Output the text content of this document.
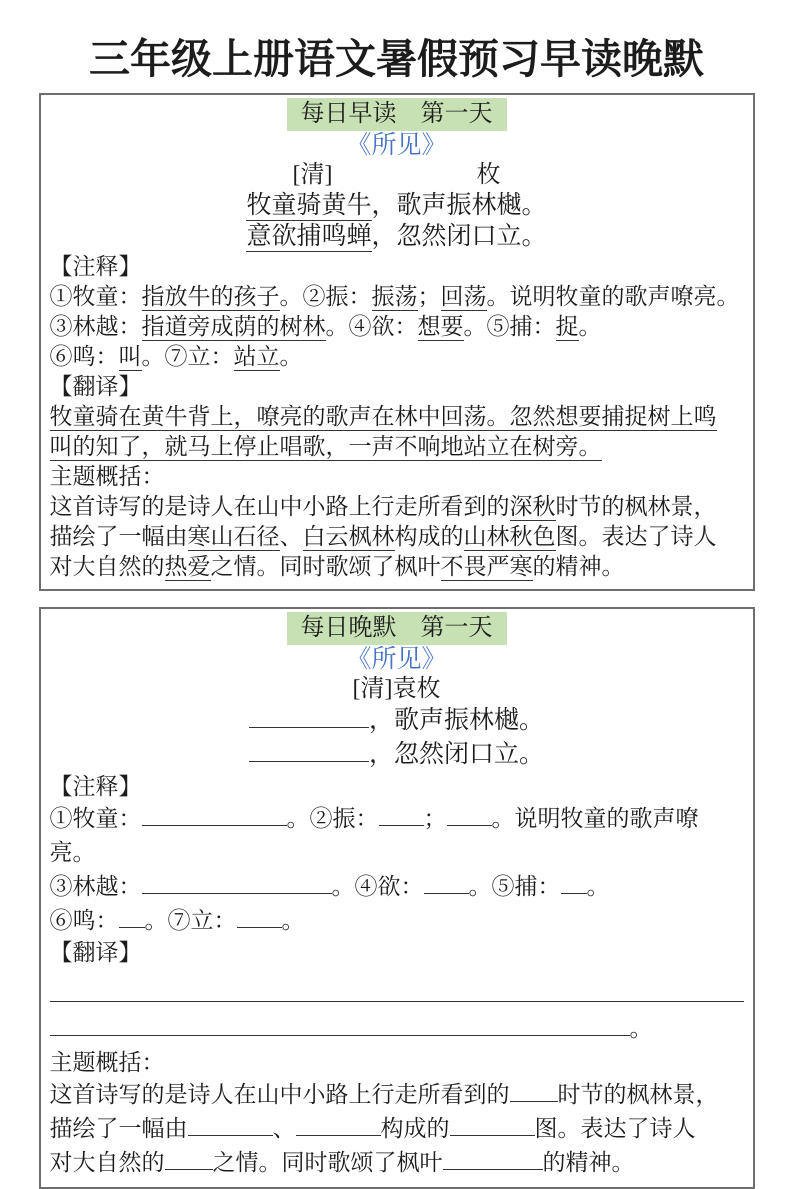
三年级上册语文暑假预习早读晚默
每日早读　第一天
《所见》
[清]　　　　　　枚
牧童骑黄牛，歌声振林樾。
意欲捕鸣蝉，忽然闭口立。
【注释】
①牧童：指放牛的孩子。②振：振荡；回荡。说明牧童的歌声嘹亮。
③林越：指道旁成荫的树林。④欲：想要。⑤捕：捉。
⑥鸣：叫。⑦立：站立。
【翻译】
牧童骑在黄牛背上，嘹亮的歌声在林中回荡。忽然想要捕捉树上鸣
叫的知了，就马上停止唱歌，一声不响地站立在树旁。
主题概括：
这首诗写的是诗人在山中小路上行走所看到的深秋时节的枫林景，
描绘了一幅由寒山石径、白云枫林构成的山林秋色图。表达了诗人
对大自然的热爱之情。同时歌颂了枫叶不畏严寒的精神。
每日晚默　第一天
《所见》
[清]袁枚
，歌声振林樾。
，忽然闭口立。
【注释】
①牧童：	。②振： ； 。说明牧童的歌声嘹亮。
③林越：	。④欲： 。⑤捕： 。
⑥鸣： 。⑦立： 。
【翻译】
。
主题概括：
这首诗写的是诗人在山中小路上行走所看到的 时节的枫林景，
描绘了一幅由	、	构成的	图。表达了诗人
对大自然的 之情。同时歌颂了枫叶	的精神。
